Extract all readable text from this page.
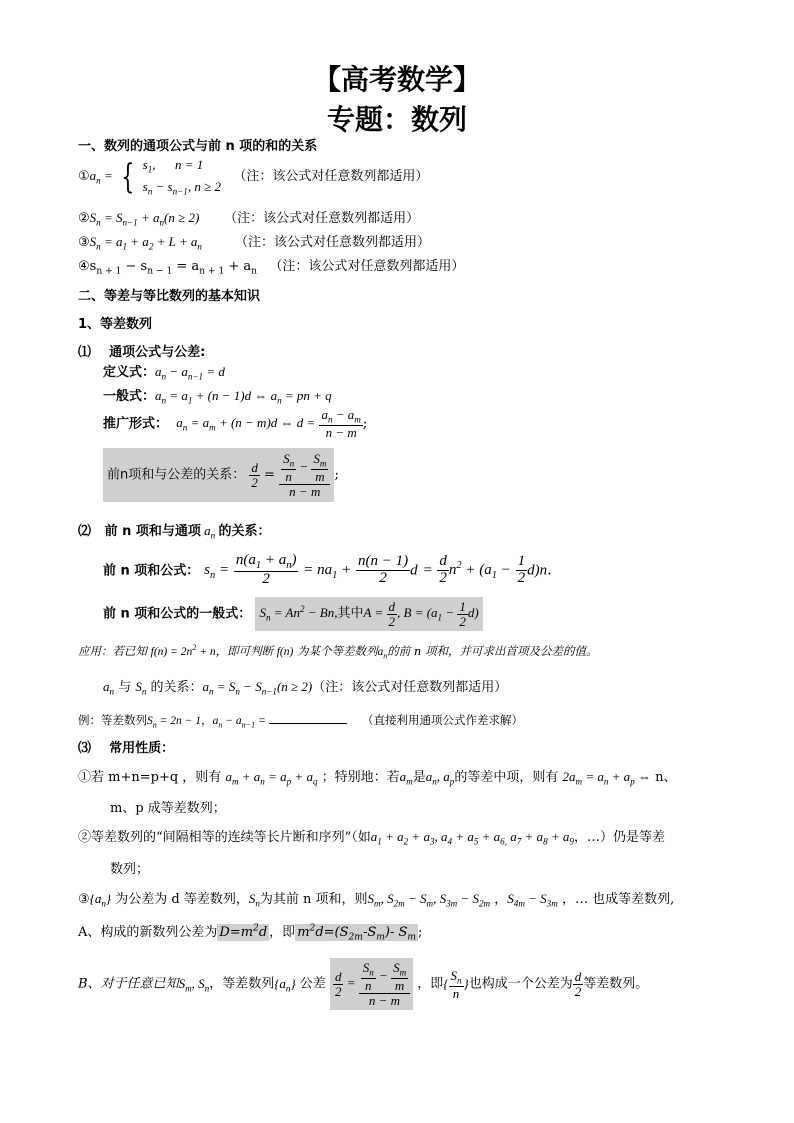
【高考数学】
专题：数列
一、数列的通项公式与前 n 项的和的关系
$①a_n$ = { $s_1$,      n = 1
$s_n - s_{n-1}$, n ≥ 2   （注：该公式对任意数列都适用）
$②S_n = S_{n-1} + a_n(n \ge 2)$ （注：该公式对任意数列都适用）
$③S_n = a_1 + a_2 + L + a_n$	（注：该公式对任意数列都适用）
$④s_{n + 1} - s_{n - 1} = a_{n + 1} + a_n$ （注：该公式对任意数列都适用）
二、等差与等比数列的基本知识
1、等差数列
⑴ 通项公式与公差:
定义式：$a_n - a_{n-1} = d$
一般式：$a_n = a_1 + (n - 1)d$ ⇔ $a_n$ = pn + q
推广形式： $a_n = a_m + (n - m)d$ ⇔ $d = \frac{a_n - a_m}{n - m}$ ;
前n项和与公差的关系： $\frac{d}{2} = \frac{\frac{S_n}{n} - \frac{S_m}{m}}{n - m}$ ;
⑵ 前 n 项和与通项 $a_n$ 的关系：
前 n 项和公式： $s_n = \frac{n(a_1 + a_n)}{2} = na_1 + \frac{n(n - 1)}{2}$ $d = \frac{d}{2} n^2 + (a_1 - \frac{1}{2} d)n$.
前 n 项和公式的一般式： $S_n = An^2 - Bn$,其中$A = \frac{d}{2}$ , $B = (a_1 - \frac{1}{2} d)$
应用：若已知 $f(n) = 2n^2 + n$，即可判断 f(n) 为某个等差数列$a_n$的前 n 项和，并可求出首项及公差的值。
$a_n$ 与 $S_n$ 的关系：$a_n = S_n - S_{n-1}(n \ge 2)$（注：该公式对任意数列都适用）
例：等差数列$S_n = 2n - 1$，$a_n - a_{n-1}$ =	（直接利用通项公式作差求解）
⑶ 常用性质：
①若 m+n=p+q ，则有 $a_m + a_n = a_p + a_q$ ；特别地：若$a_m$是$a_n$, $a_p$的等差中项，则有 $2a_m = a_n + a_p$ ⇔ n、
m、p 成等差数列；
②等差数列的“间隔相等的连续等长片断和序列”（如$a_1 + a_2 + a_3$, $a_4 + a_5 + a_{6,}$ $a_7 + a_8 + a_9$，…）仍是等差
数列；
$③\{a_n\}$ 为公差为 d 等差数列，$S_n$为其前 n 项和，则$S_m$, $S_{2m} - S_m$, $S_{3m} - S_{2m}$ ，$S_{4m} - S_{3m}$ ，… 也成等差数列,
A、构成的新数列公差为 $D=m^2d$ ，即 $m^2d=(S_{2m}-S_m)-$ $S_m$ ;
B、对于任意已知$S_m$, $S_n$，等差数列$\{a_n\}$ 公差 $\frac{d}{2} = \frac{\frac{S_n}{n} - \frac{S_m}{m}}{n - m}$ ，即{ $\frac{S_n}{n}$ }也构成一个公差为 $\frac{d}{2}$ 等差数列。
